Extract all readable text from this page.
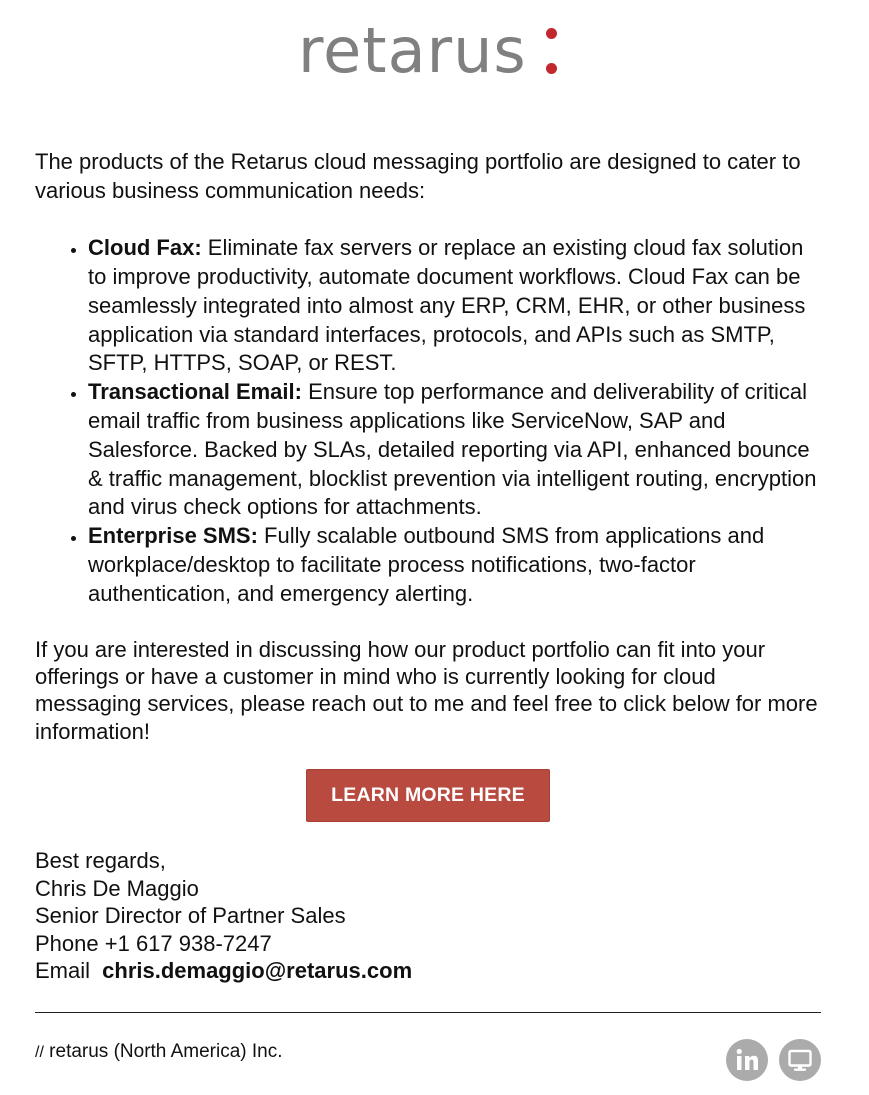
retarus

The products of the Retarus cloud messaging portfolio are designed to cater to various business communication needs:

• Cloud Fax: Eliminate fax servers or replace an existing cloud fax solution to improve productivity, automate document workflows. Cloud Fax can be seamlessly integrated into almost any ERP, CRM, EHR, or other business application via standard interfaces, protocols, and APIs such as SMTP, SFTP, HTTPS, SOAP, or REST.
• Transactional Email: Ensure top performance and deliverability of critical email traffic from business applications like ServiceNow, SAP and Salesforce. Backed by SLAs, detailed reporting via API, enhanced bounce & traffic management, blocklist prevention via intelligent routing, encryption and virus check options for attachments.
• Enterprise SMS: Fully scalable outbound SMS from applications and workplace/desktop to facilitate process notifications, two-factor authentication, and emergency alerting.

If you are interested in discussing how our product portfolio can fit into your offerings or have a customer in mind who is currently looking for cloud messaging services, please reach out to me and feel free to click below for more information!

LEARN MORE HERE
Best regards,
Chris De Maggio
Senior Director of Partner Sales
Phone +1 617 938-7247
Email chris.demaggio@retarus.com
// retarus (North America) Inc.
